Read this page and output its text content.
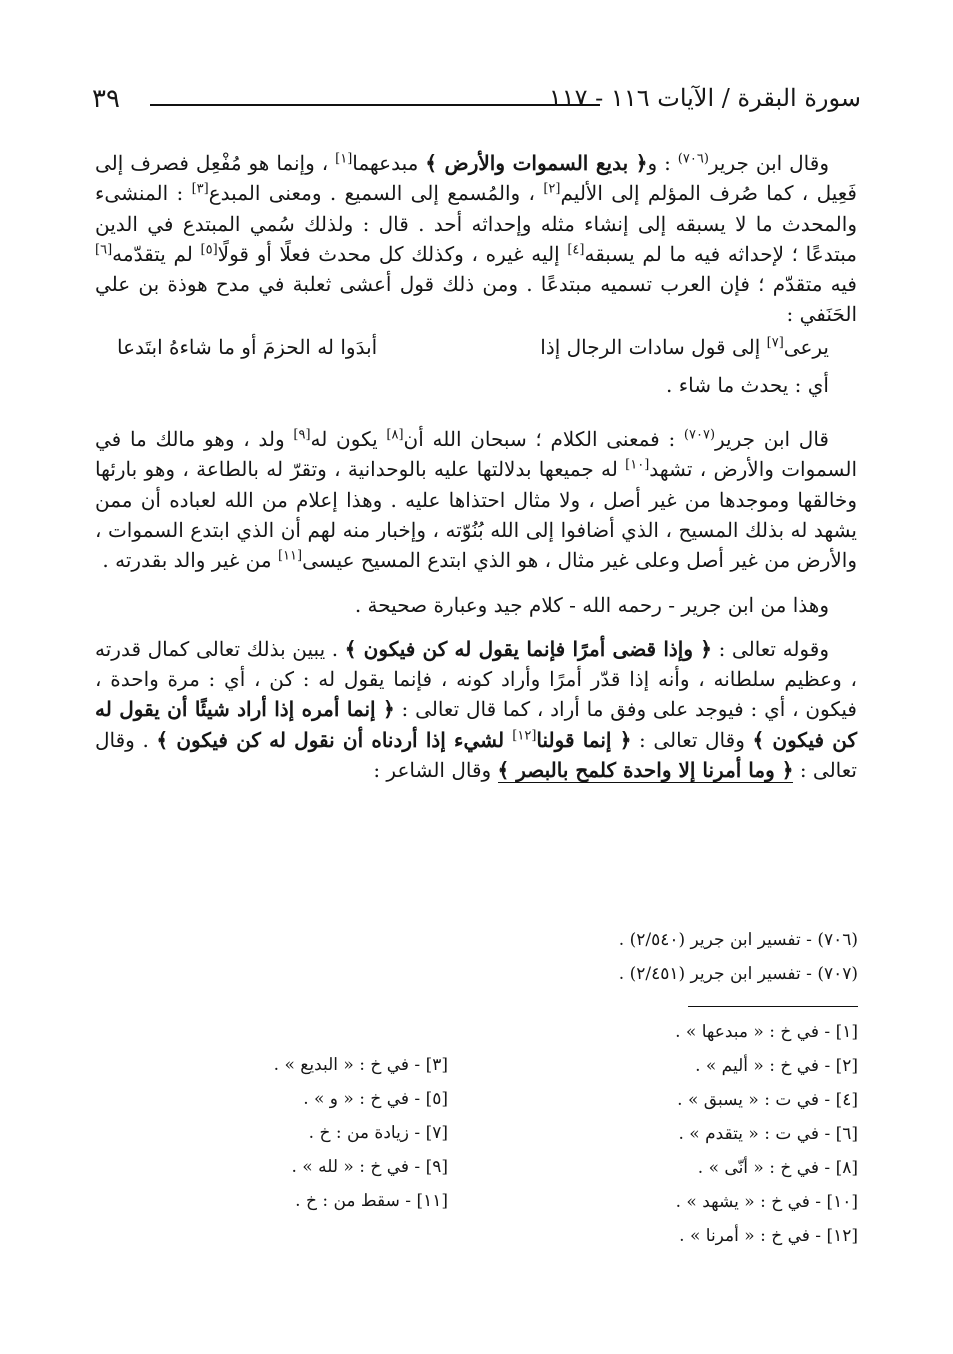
٣٩	سورة البقرة / الآيات ١١٦ - ١١٧

وقال ابن جرير$^{(٧٠٦)}$ : و﴿ بديع السموات والأرض ﴾ مبدعهما[١] ، وإنما هو مُفْعِل فصرف إلى فَعِيل ، كما صُرف المؤلم إلى الأليم[٢] ، والمُسمع إلى السميع . ومعنى المبدع[٣] : المنشىء والمحدث ما لا يسبقه إلى إنشاء مثله وإحداثه أحد . قال : ولذلك سُمي المبتدع في الدين مبتدعًا ؛ لإحداثه فيه ما لم يسبقه[٤] إليه غيره ، وكذلك كل محدث فعلًا أو قولًا[٥] لم يتقدّمه[٦] فيه متقدّم ؛ فإن العرب تسميه مبتدعًا . ومن ذلك قول أعشى ثعلبة في مدح هوذة بن علي الحَنَفي :

يرعى[٧] إلى قول سادات الرجال إذا
أبدَوا له الحزمَ أو ما شاءهُ ابتَدعا

أي : يحدث ما شاء .

قال ابن جرير$^{(٧٠٧)}$ : فمعنى الكلام ؛ سبحان الله أن[٨] يكون له[٩] ولد ، وهو مالك ما في السموات والأرض ، تشهد[١٠] له جميعها بدلالتها عليه بالوحدانية ، وتقرّ له بالطاعة ، وهو بارئها وخالقها وموجدها من غير أصل ، ولا مثال احتذاها عليه . وهذا إعلام من الله لعباده أن ممن يشهد له بذلك المسيح ، الذي أضافوا إلى الله بُنُوّته ، وإخبار منه لهم أن الذي ابتدع السموات ، والأرض من غير أصل وعلى غير مثال ، هو الذي ابتدع المسيح عيسى[١١] من غير والد بقدرته .

وهذا من ابن جرير - رحمه الله - كلام جيد وعبارة صحيحة .

وقوله تعالى : ﴿ وإذا قضى أمرًا فإنما يقول له كن فيكون ﴾ . يبين بذلك تعالى كمال قدرته ، وعظيم سلطانه ، وأنه إذا قدّر أمرًا وأراد كونه ، فإنما يقول له : كن ، أي : مرة واحدة ، فيكون ، أي : فيوجد على وفق ما أراد ، كما قال تعالى : ﴿ إنما أمره إذا أراد شيئًا أن يقول له كن فيكون ﴾ وقال تعالى : ﴿ إنما قولنا[١٢] لشيء إذا أردناه أن نقول له كن فيكون ﴾ . وقال تعالى : ﴿ وما أمرنا إلا واحدة كلمح بالبصر ﴾ وقال الشاعر :

(٧٠٦) - تفسير ابن جرير (٢/٥٤٠) .
(٧٠٧) - تفسير ابن جرير (٢/٤٥١) .
[١] - في خ : « مبدعها » .
[٢] - في خ : « أليم » .
[٤] - في ت : « يسبق » .
[٦] - في ت : « يتقدم » .
[٨] - في خ : « أنّى » .
[١٠] - في خ : « يشهد » .
[١٢] - في خ : « أمرنا » .
[٣] - في خ : « البديع » .
[٥] - في خ : « و » .
[٧] - زيادة من : خ .
[٩] - في خ : « لله » .
[١١] - سقط من : خ .
